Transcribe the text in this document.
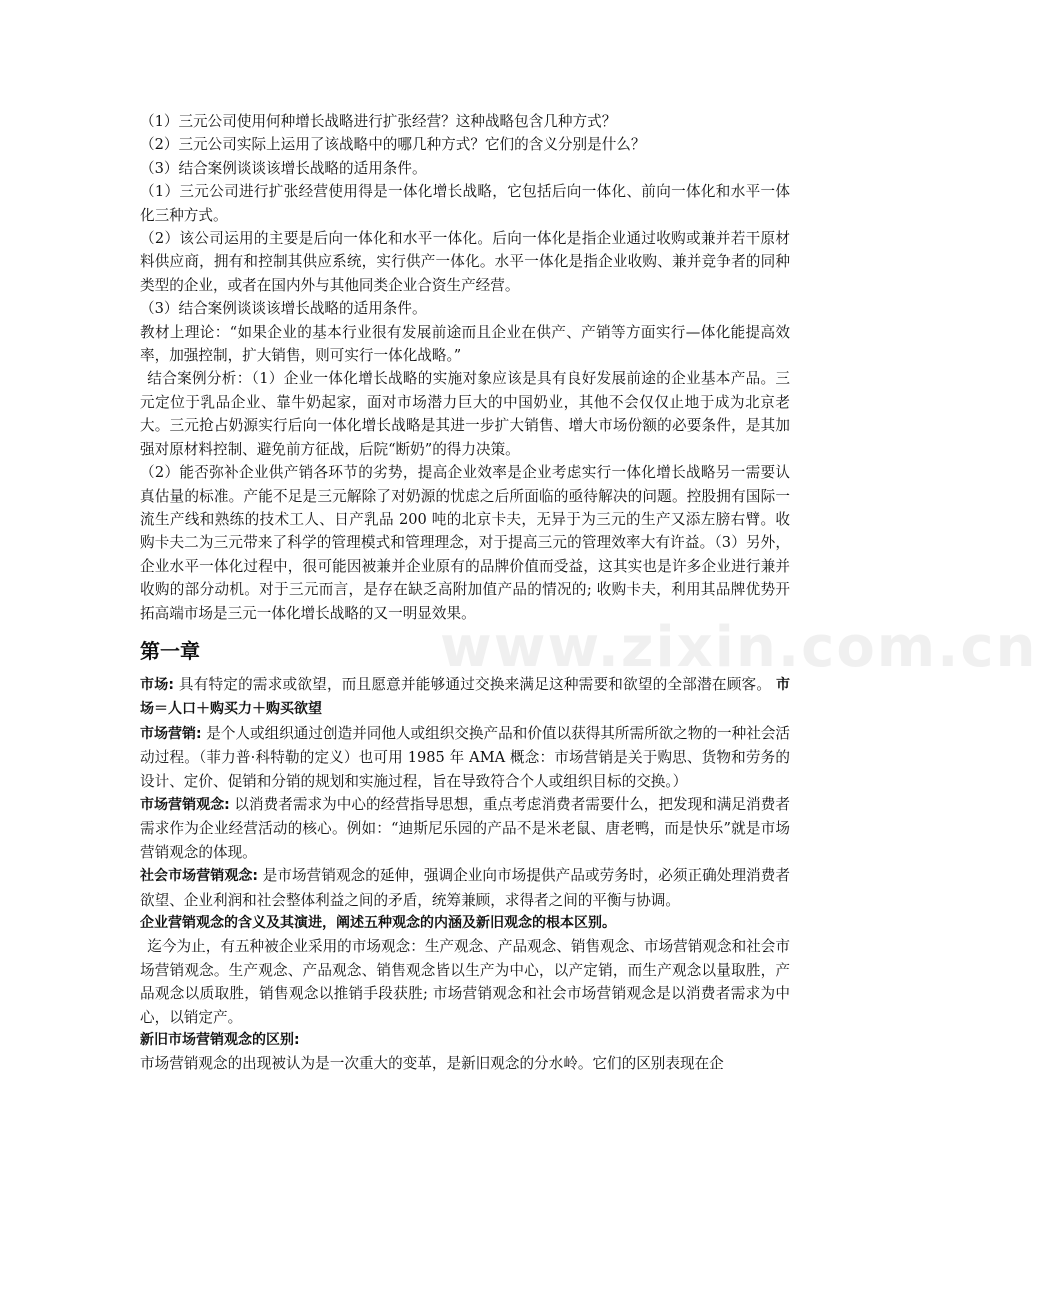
www.zixin.com.cn

（1）三元公司使用何种增长战略进行扩张经营？这种战略包含几种方式？

（2）三元公司实际上运用了该战略中的哪几种方式？它们的含义分别是什么？

（3）结合案例谈谈该增长战略的适用条件。

（1）三元公司进行扩张经营使用得是一体化增长战略，它包括后向一体化、前向一体化和水平一体化三种方式。

（2）该公司运用的主要是后向一体化和水平一体化。后向一体化是指企业通过收购或兼并若干原材料供应商，拥有和控制其供应系统，实行供产一体化。水平一体化是指企业收购、兼并竞争者的同种类型的企业，或者在国内外与其他同类企业合资生产经营。

（3）结合案例谈谈该增长战略的适用条件。

教材上理论：“如果企业的基本行业很有发展前途而且企业在供产、产销等方面实行—体化能提高效率，加强控制，扩大销售，则可实行一体化战略。”

结合案例分析：（1）企业一体化增长战略的实施对象应该是具有良好发展前途的企业基本产品。三元定位于乳品企业、靠牛奶起家，面对市场潜力巨大的中国奶业，其他不会仅仅止地于成为北京老大。三元抢占奶源实行后向一体化增长战略是其进一步扩大销售、增大市场份额的必要条件，是其加强对原材料控制、避免前方征战，后院“断奶”的得力决策。

（2）能否弥补企业供产销各环节的劣势，提高企业效率是企业考虑实行一体化增长战略另一需要认真估量的标准。产能不足是三元解除了对奶源的忧虑之后所面临的亟待解决的问题。控股拥有国际一流生产线和熟练的技术工人、日产乳品 200 吨的北京卡夫，无异于为三元的生产又添左膀右臂。收购卡夫二为三元带来了科学的管理模式和管理理念，对于提高三元的管理效率大有许益。（3）另外，企业水平一体化过程中，很可能因被兼并企业原有的品牌价值而受益，这其实也是许多企业进行兼并收购的部分动机。对于三元而言，是存在缺乏高附加值产品的情况的; 收购卡夫，利用其品牌优势开拓高端市场是三元一体化增长战略的又一明显效果。

第一章

市场: 具有特定的需求或欲望，而且愿意并能够通过交换来满足这种需要和欲望的全部潜在顾客。 市场＝人口＋购买力＋购买欲望

市场营销: 是个人或组织通过创造并同他人或组织交换产品和价值以获得其所需所欲之物的一种社会活动过程。（菲力普·科特勒的定义）也可用 1985 年 AMA 概念：市场营销是关于购思、货物和劳务的设计、定价、促销和分销的规划和实施过程，旨在导致符合个人或组织目标的交换。）

市场营销观念: 以消费者需求为中心的经营指导思想，重点考虑消费者需要什么，把发现和满足消费者需求作为企业经营活动的核心。例如：“迪斯尼乐园的产品不是米老鼠、唐老鸭，而是快乐”就是市场营销观念的体现。

社会市场营销观念: 是市场营销观念的延伸，强调企业向市场提供产品或劳务时，必须正确处理消费者欲望、企业利润和社会整体利益之间的矛盾，统筹兼顾，求得者之间的平衡与协调。

企业营销观念的含义及其演进，阐述五种观念的内涵及新旧观念的根本区别。

迄今为止，有五种被企业采用的市场观念：生产观念、产品观念、销售观念、市场营销观念和社会市场营销观念。生产观念、产品观念、销售观念皆以生产为中心，以产定销，而生产观念以量取胜，产品观念以质取胜，销售观念以推销手段获胜; 市场营销观念和社会市场营销观念是以消费者需求为中心，以销定产。

新旧市场营销观念的区别:

市场营销观念的出现被认为是一次重大的变革，是新旧观念的分水岭。它们的区别表现在企
